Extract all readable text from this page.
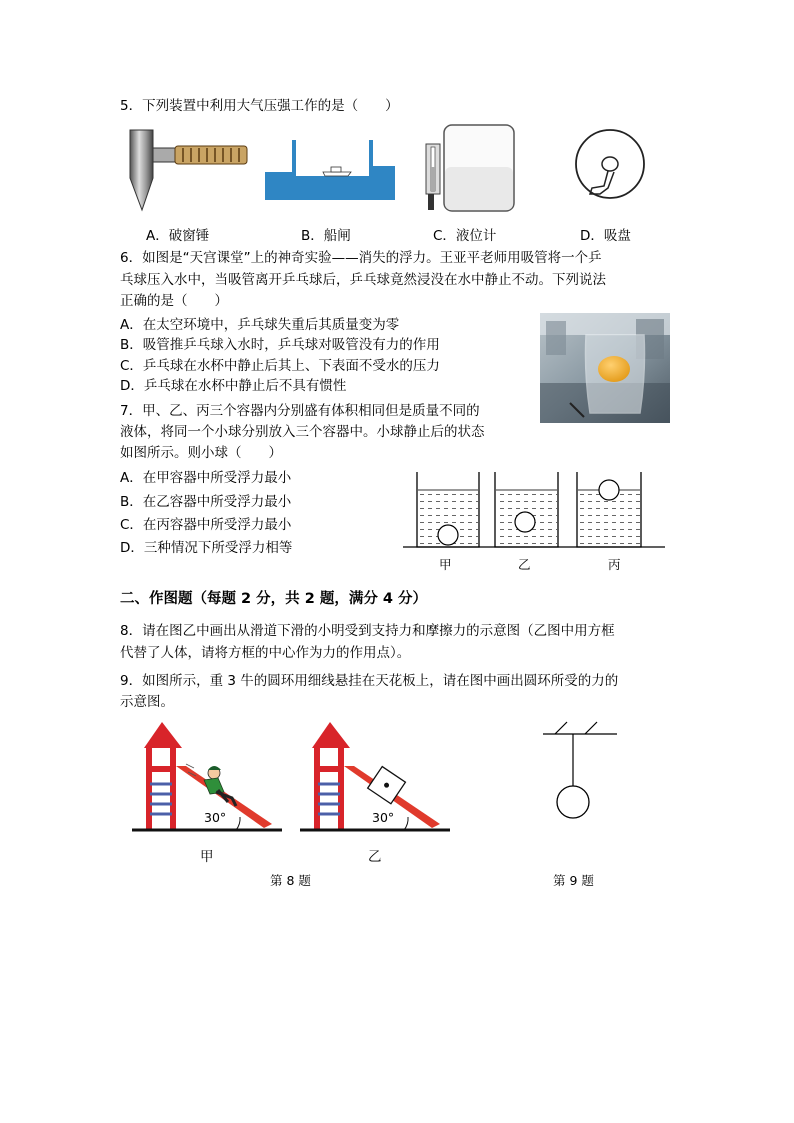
5．下列装置中利用大气压强工作的是（　　）
A．破窗锤	B．船闸	C．液位计	D．吸盘
6．如图是“天宫课堂”上的神奇实验——消失的浮力。王亚平老师用吸管将一个乒
乓球压入水中，当吸管离开乒乓球后，乒乓球竟然浸没在水中静止不动。下列说法
正确的是（　　）
A．在太空环境中，乒乓球失重后其质量变为零
B．吸管推乒乓球入水时，乒乓球对吸管没有力的作用
C．乒乓球在水杯中静止后其上、下表面不受水的压力
D．乒乓球在水杯中静止后不具有惯性
7．甲、乙、丙三个容器内分别盛有体积相同但是质量不同的
液体，将同一个小球分别放入三个容器中。小球静止后的状态
如图所示。则小球（　　）
A．在甲容器中所受浮力最小
B．在乙容器中所受浮力最小
C．在丙容器中所受浮力最小
D．三种情况下所受浮力相等
甲	乙	丙
二、作图题（每题 2 分，共 2 题，满分 4 分）
8．请在图乙中画出从滑道下滑的小明受到支持力和摩擦力的示意图（乙图中用方框
代替了人体，请将方框的中心作为力的作用点）。
9．如图所示，重 3 牛的圆环用细线悬挂在天花板上，请在图中画出圆环所受的力的
示意图。
30°
甲
30°
乙
第 8 题	第 9 题
